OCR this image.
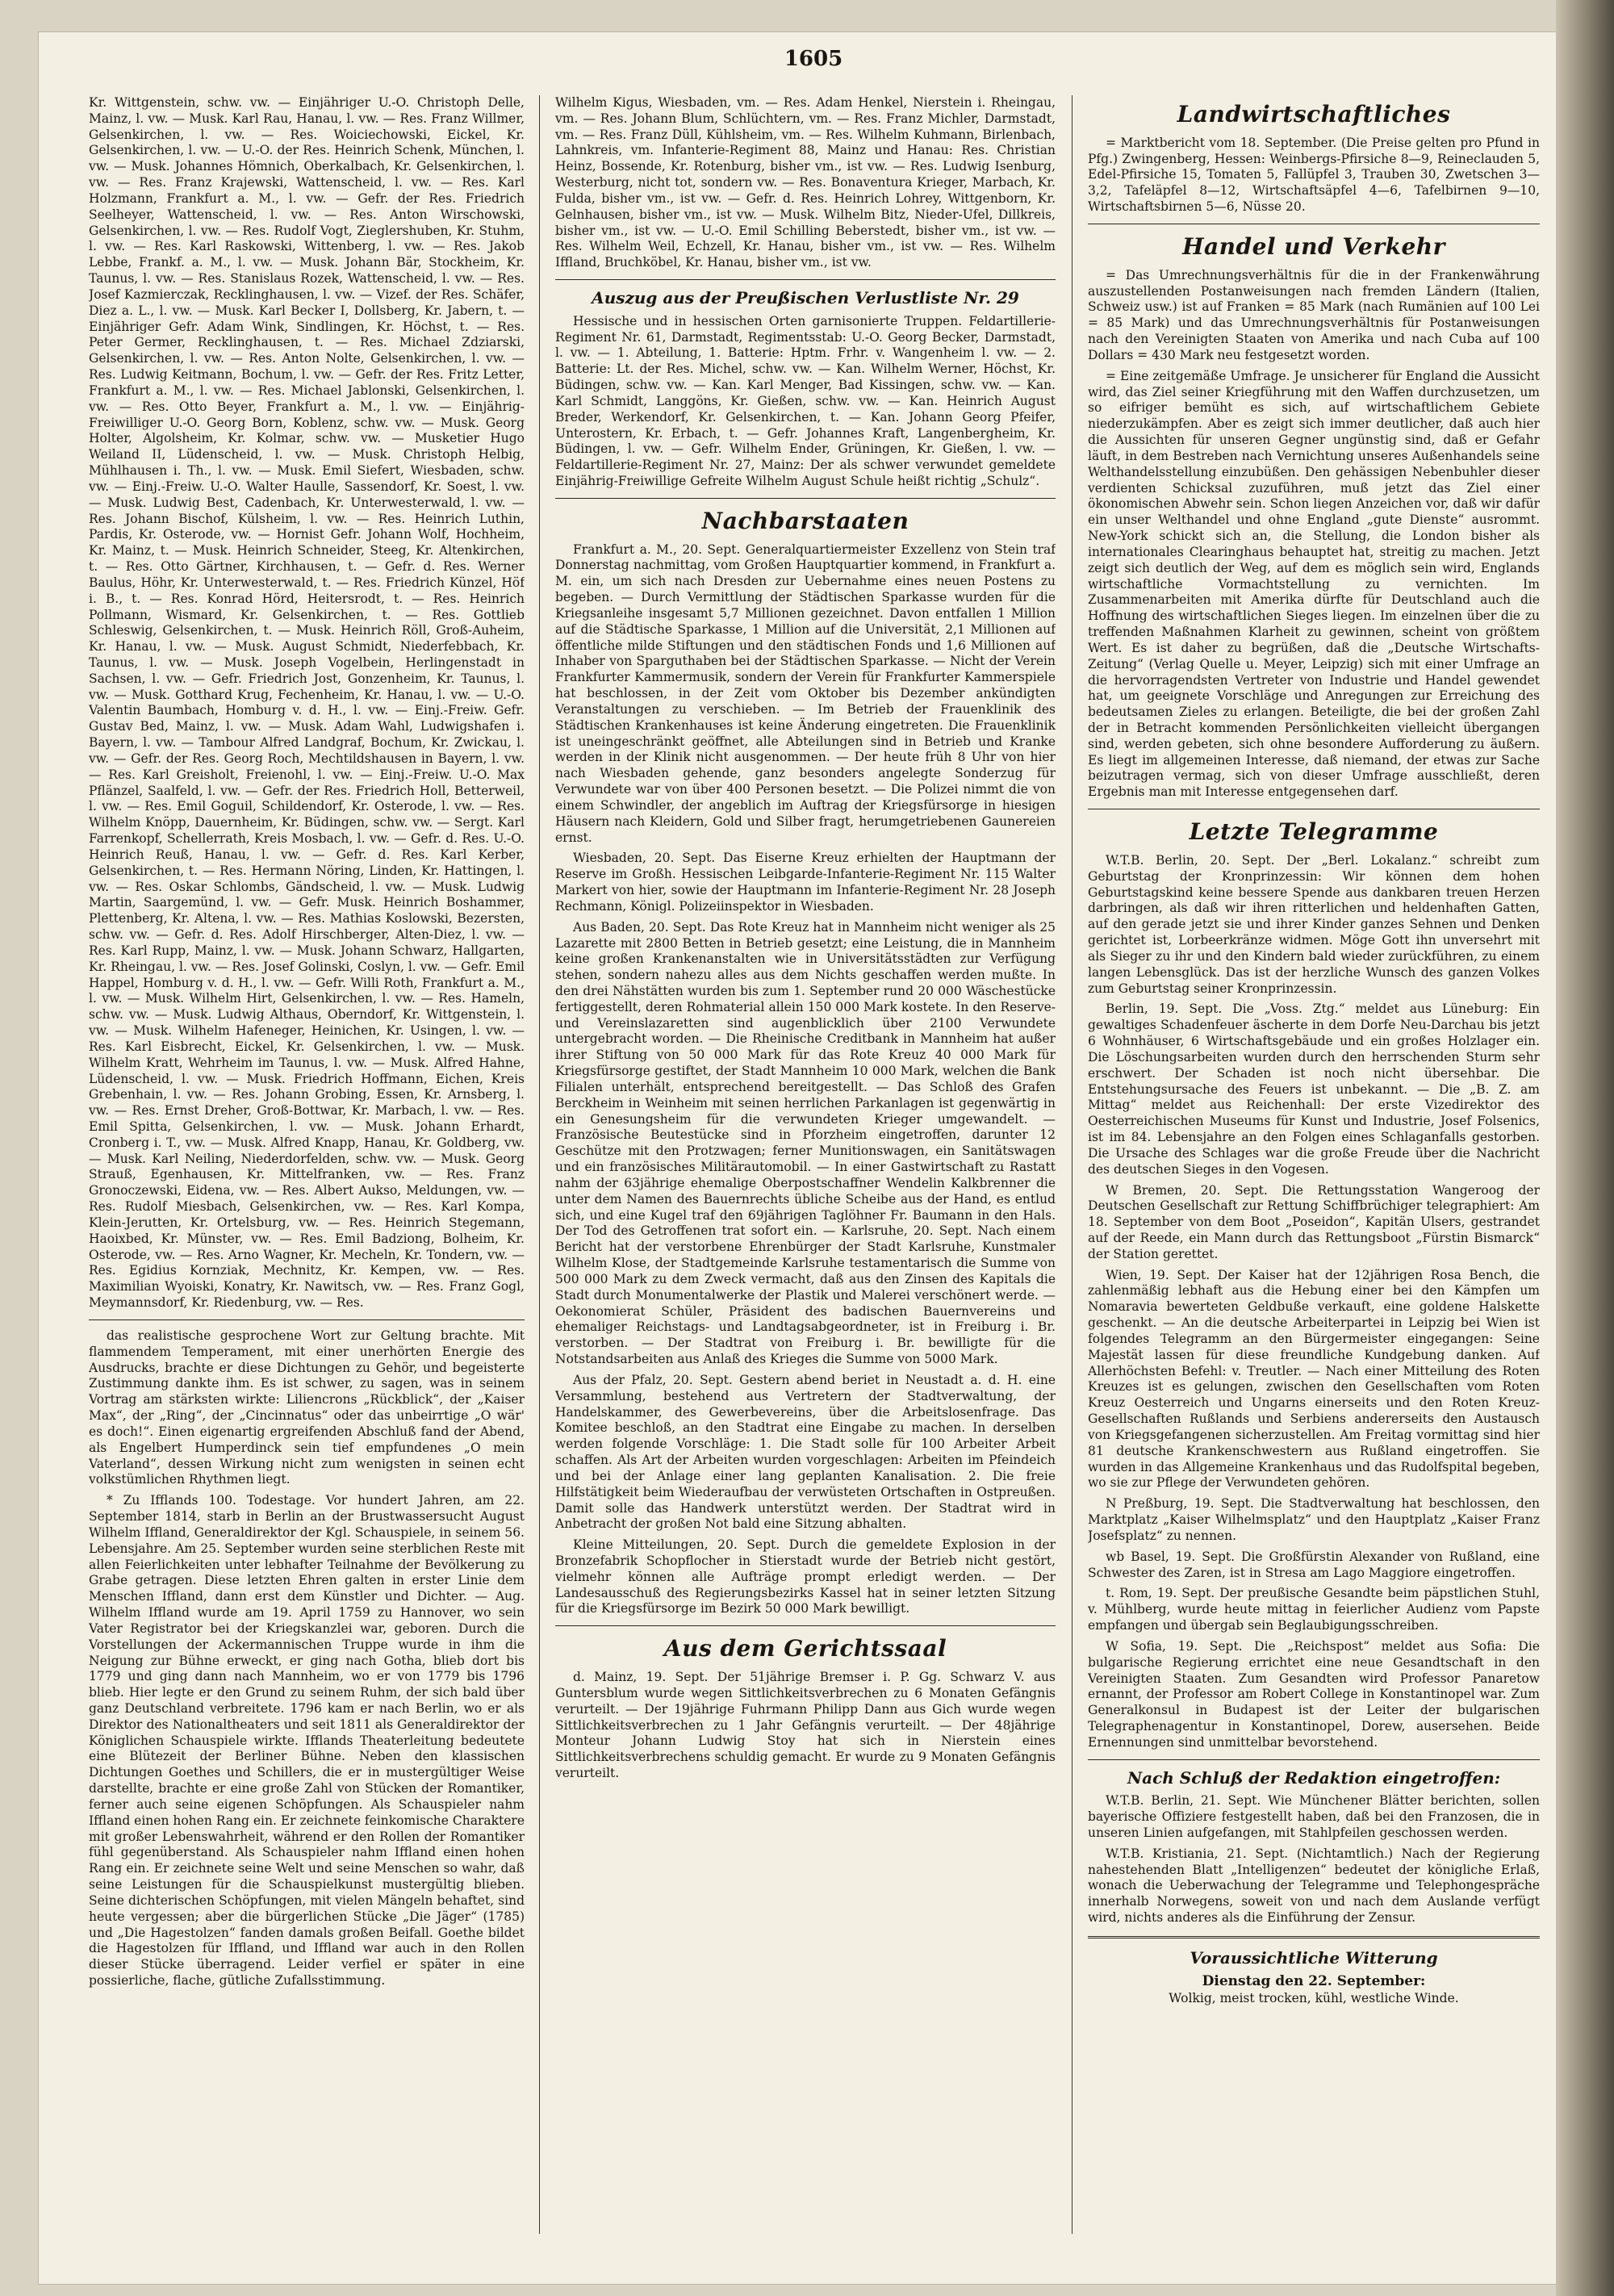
1605

Kr. Wittgenstein, schw. vw. — Einjähriger U.-O. Christoph Delle, Mainz, l. vw. — Musk. Karl Rau, Hanau, l. vw. — Res. Franz Willmer, Gelsenkirchen, l. vw. — Res. Woiciechowski, Eickel, Kr. Gelsenkirchen, l. vw. — U.-O. der Res. Heinrich Schenk, München, l. vw. — Musk. Johannes Hömnich, Oberkalbach, Kr. Gelsenkirchen, l. vw. — Res. Franz Krajewski, Wattenscheid, l. vw. — Res. Karl Holzmann, Frankfurt a. M., l. vw. — Gefr. der Res. Friedrich Seelheyer, Wattenscheid, l. vw. — Res. Anton Wirschowski, Gelsenkirchen, l. vw. — Res. Rudolf Vogt, Zieglershuben, Kr. Stuhm, l. vw. — Res. Karl Raskowski, Wittenberg, l. vw. — Res. Jakob Lebbe, Frankf. a. M., l. vw. — Musk. Johann Bär, Stockheim, Kr. Taunus, l. vw. — Res. Stanislaus Rozek, Wattenscheid, l. vw. — Res. Josef Kazmierczak, Recklinghausen, l. vw. — Vizef. der Res. Schäfer, Diez a. L., l. vw. — Musk. Karl Becker I, Dollsberg, Kr. Jabern, t. — Einjähriger Gefr. Adam Wink, Sindlingen, Kr. Höchst, t. — Res. Peter Germer, Recklinghausen, t. — Res. Michael Zdziarski, Gelsenkirchen, l. vw. — Res. Anton Nolte, Gelsenkirchen, l. vw. — Res. Ludwig Keitmann, Bochum, l. vw. — Gefr. der Res. Fritz Letter, Frankfurt a. M., l. vw. — Res. Michael Jablonski, Gelsenkirchen, l. vw. — Res. Otto Beyer, Frankfurt a. M., l. vw. — Einjährig-Freiwilliger U.-O. Georg Born, Koblenz, schw. vw. — Musk. Georg Holter, Algolsheim, Kr. Kolmar, schw. vw. — Musketier Hugo Weiland II, Lüdenscheid, l. vw. — Musk. Christoph Helbig, Mühlhausen i. Th., l. vw. — Musk. Emil Siefert, Wiesbaden, schw. vw. — Einj.-Freiw. U.-O. Walter Haulle, Sassendorf, Kr. Soest, l. vw. — Musk. Ludwig Best, Cadenbach, Kr. Unterwesterwald, l. vw. — Res. Johann Bischof, Külsheim, l. vw. — Res. Heinrich Luthin, Pardis, Kr. Osterode, vw. — Hornist Gefr. Johann Wolf, Hochheim, Kr. Mainz, t. — Musk. Heinrich Schneider, Steeg, Kr. Altenkirchen, t. — Res. Otto Gärtner, Kirchhausen, t. — Gefr. d. Res. Werner Baulus, Höhr, Kr. Unterwesterwald, t. — Res. Friedrich Künzel, Höf i. B., t. — Res. Konrad Hörd, Heitersrodt, t. — Res. Heinrich Pollmann, Wismard, Kr. Gelsenkirchen, t. — Res. Gottlieb Schleswig, Gelsenkirchen, t. — Musk. Heinrich Röll, Groß-Auheim, Kr. Hanau, l. vw. — Musk. August Schmidt, Niederfebbach, Kr. Taunus, l. vw. — Musk. Joseph Vogelbein, Herlingenstadt in Sachsen, l. vw. — Gefr. Friedrich Jost, Gonzenheim, Kr. Taunus, l. vw. — Musk. Gotthard Krug, Fechenheim, Kr. Hanau, l. vw. — U.-O. Valentin Baumbach, Homburg v. d. H., l. vw. — Einj.-Freiw. Gefr. Gustav Bed, Mainz, l. vw. — Musk. Adam Wahl, Ludwigshafen i. Bayern, l. vw. — Tambour Alfred Landgraf, Bochum, Kr. Zwickau, l. vw. — Gefr. der Res. Georg Roch, Mechtildshausen in Bayern, l. vw. — Res. Karl Greisholt, Freienohl, l. vw. — Einj.-Freiw. U.-O. Max Pflänzel, Saalfeld, l. vw. — Gefr. der Res. Friedrich Holl, Betterweil, l. vw. — Res. Emil Goguil, Schildendorf, Kr. Osterode, l. vw. — Res. Wilhelm Knöpp, Dauernheim, Kr. Büdingen, schw. vw. — Sergt. Karl Farrenkopf, Schellerrath, Kreis Mosbach, l. vw. — Gefr. d. Res. U.-O. Heinrich Reuß, Hanau, l. vw. — Gefr. d. Res. Karl Kerber, Gelsenkirchen, t. — Res. Hermann Nöring, Linden, Kr. Hattingen, l. vw. — Res. Oskar Schlombs, Gändscheid, l. vw. — Musk. Ludwig Martin, Saargemünd, l. vw. — Gefr. Musk. Heinrich Boshammer, Plettenberg, Kr. Altena, l. vw. — Res. Mathias Koslowski, Bezersten, schw. vw. — Gefr. d. Res. Adolf Hirschberger, Alten-Diez, l. vw. — Res. Karl Rupp, Mainz, l. vw. — Musk. Johann Schwarz, Hallgarten, Kr. Rheingau, l. vw. — Res. Josef Golinski, Coslyn, l. vw. — Gefr. Emil Happel, Homburg v. d. H., l. vw. — Gefr. Willi Roth, Frankfurt a. M., l. vw. — Musk. Wilhelm Hirt, Gelsenkirchen, l. vw. — Res. Hameln, schw. vw. — Musk. Ludwig Althaus, Oberndorf, Kr. Wittgenstein, l. vw. — Musk. Wilhelm Hafeneger, Heinichen, Kr. Usingen, l. vw. — Res. Karl Eisbrecht, Eickel, Kr. Gelsenkirchen, l. vw. — Musk. Wilhelm Kratt, Wehrheim im Taunus, l. vw. — Musk. Alfred Hahne, Lüdenscheid, l. vw. — Musk. Friedrich Hoffmann, Eichen, Kreis Grebenhain, l. vw. — Res. Johann Grobing, Essen, Kr. Arnsberg, l. vw. — Res. Ernst Dreher, Groß-Bottwar, Kr. Marbach, l. vw. — Res. Emil Spitta, Gelsenkirchen, l. vw. — Musk. Johann Erhardt, Cronberg i. T., vw. — Musk. Alfred Knapp, Hanau, Kr. Goldberg, vw. — Musk. Karl Neiling, Niederdorfelden, schw. vw. — Musk. Georg Strauß, Egenhausen, Kr. Mittelfranken, vw. — Res. Franz Gronoczewski, Eidena, vw. — Res. Albert Aukso, Meldungen, vw. — Res. Rudolf Miesbach, Gelsenkirchen, vw. — Res. Karl Kompa, Klein-Jerutten, Kr. Ortelsburg, vw. — Res. Heinrich Stegemann, Haoixbed, Kr. Münster, vw. — Res. Emil Badziong, Bolheim, Kr. Osterode, vw. — Res. Arno Wagner, Kr. Mecheln, Kr. Tondern, vw. — Res. Egidius Kornziak, Mechnitz, Kr. Kempen, vw. — Res. Maximilian Wyoiski, Konatry, Kr. Nawitsch, vw. — Res. Franz Gogl, Meymannsdorf, Kr. Riedenburg, vw. — Res.

das realistische gesprochene Wort zur Geltung brachte. Mit flammendem Temperament, mit einer unerhörten Energie des Ausdrucks, brachte er diese Dichtungen zu Gehör, und begeisterte Zustimmung dankte ihm. Es ist schwer, zu sagen, was in seinem Vortrag am stärksten wirkte: Liliencrons „Rückblick“, der „Kaiser Max“, der „Ring“, der „Cincinnatus“ oder das unbeirrtige „O wär' es doch!“. Einen eigenartig ergreifenden Abschluß fand der Abend, als Engelbert Humperdinck sein tief empfundenes „O mein Vaterland“, dessen Wirkung nicht zum wenigsten in seinen echt volkstümlichen Rhythmen liegt.

* Zu Ifflands 100. Todestage. Vor hundert Jahren, am 22. September 1814, starb in Berlin an der Brustwassersucht August Wilhelm Iffland, Generaldirektor der Kgl. Schauspiele, in seinem 56. Lebensjahre. Am 25. September wurden seine sterblichen Reste mit allen Feierlichkeiten unter lebhafter Teilnahme der Bevölkerung zu Grabe getragen. Diese letzten Ehren galten in erster Linie dem Menschen Iffland, dann erst dem Künstler und Dichter. — Aug. Wilhelm Iffland wurde am 19. April 1759 zu Hannover, wo sein Vater Registrator bei der Kriegskanzlei war, geboren. Durch die Vorstellungen der Ackermannischen Truppe wurde in ihm die Neigung zur Bühne erweckt, er ging nach Gotha, blieb dort bis 1779 und ging dann nach Mannheim, wo er von 1779 bis 1796 blieb. Hier legte er den Grund zu seinem Ruhm, der sich bald über ganz Deutschland verbreitete. 1796 kam er nach Berlin, wo er als Direktor des Nationaltheaters und seit 1811 als Generaldirektor der Königlichen Schauspiele wirkte. Ifflands Theaterleitung bedeutete eine Blütezeit der Berliner Bühne. Neben den klassischen Dichtungen Goethes und Schillers, die er in mustergültiger Weise darstellte, brachte er eine große Zahl von Stücken der Romantiker, ferner auch seine eigenen Schöpfungen. Als Schauspieler nahm Iffland einen hohen Rang ein. Er zeichnete feinkomische Charaktere mit großer Lebenswahrheit, während er den Rollen der Romantiker fühl gegenüberstand. Als Schauspieler nahm Iffland einen hohen Rang ein. Er zeichnete seine Welt und seine Menschen so wahr, daß seine Leistungen für die Schauspielkunst mustergültig blieben. Seine dichterischen Schöpfungen, mit vielen Mängeln behaftet, sind heute vergessen; aber die bürgerlichen Stücke „Die Jäger“ (1785) und „Die Hagestolzen“ fanden damals großen Beifall. Goethe bildet die Hagestolzen für Iffland, und Iffland war auch in den Rollen dieser Stücke überragend. Leider verfiel er später in eine possierliche, flache, gütliche Zufallsstimmung.

Wilhelm Kigus, Wiesbaden, vm. — Res. Adam Henkel, Nierstein i. Rheingau, vm. — Res. Johann Blum, Schlüchtern, vm. — Res. Franz Michler, Darmstadt, vm. — Res. Franz Düll, Kühlsheim, vm. — Res. Wilhelm Kuhmann, Birlenbach, Lahnkreis, vm. Infanterie-Regiment 88, Mainz und Hanau: Res. Christian Heinz, Bossende, Kr. Rotenburg, bisher vm., ist vw. — Res. Ludwig Isenburg, Westerburg, nicht tot, sondern vw. — Res. Bonaventura Krieger, Marbach, Kr. Fulda, bisher vm., ist vw. — Gefr. d. Res. Heinrich Lohrey, Wittgenborn, Kr. Gelnhausen, bisher vm., ist vw. — Musk. Wilhelm Bitz, Nieder-Ufel, Dillkreis, bisher vm., ist vw. — U.-O. Emil Schilling Beberstedt, bisher vm., ist vw. — Res. Wilhelm Weil, Echzell, Kr. Hanau, bisher vm., ist vw. — Res. Wilhelm Iffland, Bruchköbel, Kr. Hanau, bisher vm., ist vw.

Auszug aus der Preußischen Verlustliste Nr. 29

Hessische und in hessischen Orten garnisonierte Truppen. Feldartillerie-Regiment Nr. 61, Darmstadt, Regimentsstab: U.-O. Georg Becker, Darmstadt, l. vw. — 1. Abteilung, 1. Batterie: Hptm. Frhr. v. Wangenheim l. vw. — 2. Batterie: Lt. der Res. Michel, schw. vw. — Kan. Wilhelm Werner, Höchst, Kr. Büdingen, schw. vw. — Kan. Karl Menger, Bad Kissingen, schw. vw. — Kan. Karl Schmidt, Langgöns, Kr. Gießen, schw. vw. — Kan. Heinrich August Breder, Werkendorf, Kr. Gelsenkirchen, t. — Kan. Johann Georg Pfeifer, Unterostern, Kr. Erbach, t. — Gefr. Johannes Kraft, Langenbergheim, Kr. Büdingen, l. vw. — Gefr. Wilhelm Ender, Grüningen, Kr. Gießen, l. vw. — Feldartillerie-Regiment Nr. 27, Mainz: Der als schwer verwundet gemeldete Einjährig-Freiwillige Gefreite Wilhelm August Schule heißt richtig „Schulz“.

Nachbarstaaten

Frankfurt a. M., 20. Sept. Generalquartiermeister Exzellenz von Stein traf Donnerstag nachmittag, vom Großen Hauptquartier kommend, in Frankfurt a. M. ein, um sich nach Dresden zur Uebernahme eines neuen Postens zu begeben. — Durch Vermittlung der Städtischen Sparkasse wurden für die Kriegsanleihe insgesamt 5,7 Millionen gezeichnet. Davon entfallen 1 Million auf die Städtische Sparkasse, 1 Million auf die Universität, 2,1 Millionen auf öffentliche milde Stiftungen und den städtischen Fonds und 1,6 Millionen auf Inhaber von Sparguthaben bei der Städtischen Sparkasse. — Nicht der Verein Frankfurter Kammermusik, sondern der Verein für Frankfurter Kammerspiele hat beschlossen, in der Zeit vom Oktober bis Dezember ankündigten Veranstaltungen zu verschieben. — Im Betrieb der Frauenklinik des Städtischen Krankenhauses ist keine Änderung eingetreten. Die Frauenklinik ist uneingeschränkt geöffnet, alle Abteilungen sind in Betrieb und Kranke werden in der Klinik nicht ausgenommen. — Der heute früh 8 Uhr von hier nach Wiesbaden gehende, ganz besonders angelegte Sonderzug für Verwundete war von über 400 Personen besetzt. — Die Polizei nimmt die von einem Schwindler, der angeblich im Auftrag der Kriegsfürsorge in hiesigen Häusern nach Kleidern, Gold und Silber fragt, herumgetriebenen Gaunereien ernst.

Wiesbaden, 20. Sept. Das Eiserne Kreuz erhielten der Hauptmann der Reserve im Großh. Hessischen Leibgarde-Infanterie-Regiment Nr. 115 Walter Markert von hier, sowie der Hauptmann im Infanterie-Regiment Nr. 28 Joseph Rechmann, Königl. Polizeiinspektor in Wiesbaden.

Aus Baden, 20. Sept. Das Rote Kreuz hat in Mannheim nicht weniger als 25 Lazarette mit 2800 Betten in Betrieb gesetzt; eine Leistung, die in Mannheim keine großen Krankenanstalten wie in Universitätsstädten zur Verfügung stehen, sondern nahezu alles aus dem Nichts geschaffen werden mußte. In den drei Nähstätten wurden bis zum 1. September rund 20 000 Wäschestücke fertiggestellt, deren Rohmaterial allein 150 000 Mark kostete. In den Reserve- und Vereinslazaretten sind augenblicklich über 2100 Verwundete untergebracht worden. — Die Rheinische Creditbank in Mannheim hat außer ihrer Stiftung von 50 000 Mark für das Rote Kreuz 40 000 Mark für Kriegsfürsorge gestiftet, der Stadt Mannheim 10 000 Mark, welchen die Bank Filialen unterhält, entsprechend bereitgestellt. — Das Schloß des Grafen Berckheim in Weinheim mit seinen herrlichen Parkanlagen ist gegenwärtig in ein Genesungsheim für die verwundeten Krieger umgewandelt. — Französische Beutestücke sind in Pforzheim eingetroffen, darunter 12 Geschütze mit den Protzwagen; ferner Munitionswagen, ein Sanitätswagen und ein französisches Militärautomobil. — In einer Gastwirtschaft zu Rastatt nahm der 63jährige ehemalige Oberpostschaffner Wendelin Kalkbrenner die unter dem Namen des Bauernrechts übliche Scheibe aus der Hand, es entlud sich, und eine Kugel traf den 69jährigen Taglöhner Fr. Baumann in den Hals. Der Tod des Getroffenen trat sofort ein. — Karlsruhe, 20. Sept. Nach einem Bericht hat der verstorbene Ehrenbürger der Stadt Karlsruhe, Kunstmaler Wilhelm Klose, der Stadtgemeinde Karlsruhe testamentarisch die Summe von 500 000 Mark zu dem Zweck vermacht, daß aus den Zinsen des Kapitals die Stadt durch Monumentalwerke der Plastik und Malerei verschönert werde. — Oekonomierat Schüler, Präsident des badischen Bauernvereins und ehemaliger Reichstags- und Landtagsabgeordneter, ist in Freiburg i. Br. verstorben. — Der Stadtrat von Freiburg i. Br. bewilligte für die Notstandsarbeiten aus Anlaß des Krieges die Summe von 5000 Mark.

Aus der Pfalz, 20. Sept. Gestern abend beriet in Neustadt a. d. H. eine Versammlung, bestehend aus Vertretern der Stadtverwaltung, der Handelskammer, des Gewerbevereins, über die Arbeitslosenfrage. Das Komitee beschloß, an den Stadtrat eine Eingabe zu machen. In derselben werden folgende Vorschläge: 1. Die Stadt solle für 100 Arbeiter Arbeit schaffen. Als Art der Arbeiten wurden vorgeschlagen: Arbeiten im Pfeindeich und bei der Anlage einer lang geplanten Kanalisation. 2. Die freie Hilfstätigkeit beim Wiederaufbau der verwüsteten Ortschaften in Ostpreußen. Damit solle das Handwerk unterstützt werden. Der Stadtrat wird in Anbetracht der großen Not bald eine Sitzung abhalten.

Kleine Mitteilungen, 20. Sept. Durch die gemeldete Explosion in der Bronzefabrik Schopflocher in Stierstadt wurde der Betrieb nicht gestört, vielmehr können alle Aufträge prompt erledigt werden. — Der Landesausschuß des Regierungsbezirks Kassel hat in seiner letzten Sitzung für die Kriegsfürsorge im Bezirk 50 000 Mark bewilligt.

Aus dem Gerichtssaal

d. Mainz, 19. Sept. Der 51jährige Bremser i. P. Gg. Schwarz V. aus Guntersblum wurde wegen Sittlichkeitsverbrechen zu 6 Monaten Gefängnis verurteilt. — Der 19jährige Fuhrmann Philipp Dann aus Gich wurde wegen Sittlichkeitsverbrechen zu 1 Jahr Gefängnis verurteilt. — Der 48jährige Monteur Johann Ludwig Stoy hat sich in Nierstein eines Sittlichkeitsverbrechens schuldig gemacht. Er wurde zu 9 Monaten Gefängnis verurteilt.

Landwirtschaftliches

= Marktbericht vom 18. September. (Die Preise gelten pro Pfund in Pfg.) Zwingenberg, Hessen: Weinbergs-Pfirsiche 8—9, Reineclauden 5, Edel-Pfirsiche 15, Tomaten 5, Fallüpfel 3, Trauben 30, Zwetschen 3—3,2, Tafeläpfel 8—12, Wirtschaftsäpfel 4—6, Tafelbirnen 9—10, Wirtschaftsbirnen 5—6, Nüsse 20.

Handel und Verkehr

= Das Umrechnungsverhältnis für die in der Frankenwährung auszustellenden Postanweisungen nach fremden Ländern (Italien, Schweiz usw.) ist auf Franken = 85 Mark (nach Rumänien auf 100 Lei = 85 Mark) und das Umrechnungsverhältnis für Postanweisungen nach den Vereinigten Staaten von Amerika und nach Cuba auf 100 Dollars = 430 Mark neu festgesetzt worden.

= Eine zeitgemäße Umfrage. Je unsicherer für England die Aussicht wird, das Ziel seiner Kriegführung mit den Waffen durchzusetzen, um so eifriger bemüht es sich, auf wirtschaftlichem Gebiete niederzukämpfen. Aber es zeigt sich immer deutlicher, daß auch hier die Aussichten für unseren Gegner ungünstig sind, daß er Gefahr läuft, in dem Bestreben nach Vernichtung unseres Außenhandels seine Welthandelsstellung einzubüßen. Den gehässigen Nebenbuhler dieser verdienten Schicksal zuzuführen, muß jetzt das Ziel einer ökonomischen Abwehr sein. Schon liegen Anzeichen vor, daß wir dafür ein unser Welthandel und ohne England „gute Dienste“ ausrommt. New-York schickt sich an, die Stellung, die London bisher als internationales Clearinghaus behauptet hat, streitig zu machen. Jetzt zeigt sich deutlich der Weg, auf dem es möglich sein wird, Englands wirtschaftliche Vormachtstellung zu vernichten. Im Zusammenarbeiten mit Amerika dürfte für Deutschland auch die Hoffnung des wirtschaftlichen Sieges liegen. Im einzelnen über die zu treffenden Maßnahmen Klarheit zu gewinnen, scheint von größtem Wert. Es ist daher zu begrüßen, daß die „Deutsche Wirtschafts-Zeitung“ (Verlag Quelle u. Meyer, Leipzig) sich mit einer Umfrage an die hervorragendsten Vertreter von Industrie und Handel gewendet hat, um geeignete Vorschläge und Anregungen zur Erreichung des bedeutsamen Zieles zu erlangen. Beteiligte, die bei der großen Zahl der in Betracht kommenden Persönlichkeiten vielleicht übergangen sind, werden gebeten, sich ohne besondere Aufforderung zu äußern. Es liegt im allgemeinen Interesse, daß niemand, der etwas zur Sache beizutragen vermag, sich von dieser Umfrage ausschließt, deren Ergebnis man mit Interesse entgegensehen darf.

Letzte Telegramme

W.T.B. Berlin, 20. Sept. Der „Berl. Lokalanz.“ schreibt zum Geburtstag der Kronprinzessin: Wir können dem hohen Geburtstagskind keine bessere Spende aus dankbaren treuen Herzen darbringen, als daß wir ihren ritterlichen und heldenhaften Gatten, auf den gerade jetzt sie und ihrer Kinder ganzes Sehnen und Denken gerichtet ist, Lorbeerkränze widmen. Möge Gott ihn unversehrt mit als Sieger zu ihr und den Kindern bald wieder zurückführen, zu einem langen Lebensglück. Das ist der herzliche Wunsch des ganzen Volkes zum Geburtstag seiner Kronprinzessin.

Berlin, 19. Sept. Die „Voss. Ztg.“ meldet aus Lüneburg: Ein gewaltiges Schadenfeuer äscherte in dem Dorfe Neu-Darchau bis jetzt 6 Wohnhäuser, 6 Wirtschaftsgebäude und ein großes Holzlager ein. Die Löschungsarbeiten wurden durch den herrschenden Sturm sehr erschwert. Der Schaden ist noch nicht übersehbar. Die Entstehungsursache des Feuers ist unbekannt. — Die „B. Z. am Mittag“ meldet aus Reichenhall: Der erste Vizedirektor des Oesterreichischen Museums für Kunst und Industrie, Josef Folsenics, ist im 84. Lebensjahre an den Folgen eines Schlaganfalls gestorben. Die Ursache des Schlages war die große Freude über die Nachricht des deutschen Sieges in den Vogesen.

W Bremen, 20. Sept. Die Rettungsstation Wangeroog der Deutschen Gesellschaft zur Rettung Schiffbrüchiger telegraphiert: Am 18. September von dem Boot „Poseidon“, Kapitän Ulsers, gestrandet auf der Reede, ein Mann durch das Rettungsboot „Fürstin Bismarck“ der Station gerettet.

Wien, 19. Sept. Der Kaiser hat der 12jährigen Rosa Bench, die zahlenmäßig lebhaft aus die Hebung einer bei den Kämpfen um Nomaravia bewerteten Geldbuße verkauft, eine goldene Halskette geschenkt. — An die deutsche Arbeiterpartei in Leipzig bei Wien ist folgendes Telegramm an den Bürgermeister eingegangen: Seine Majestät lassen für diese freundliche Kundgebung danken. Auf Allerhöchsten Befehl: v. Treutler. — Nach einer Mitteilung des Roten Kreuzes ist es gelungen, zwischen den Gesellschaften vom Roten Kreuz Oesterreich und Ungarns einerseits und den Roten Kreuz-Gesellschaften Rußlands und Serbiens andererseits den Austausch von Kriegsgefangenen sicherzustellen. Am Freitag vormittag sind hier 81 deutsche Krankenschwestern aus Rußland eingetroffen. Sie wurden in das Allgemeine Krankenhaus und das Rudolfspital begeben, wo sie zur Pflege der Verwundeten gehören.

N Preßburg, 19. Sept. Die Stadtverwaltung hat beschlossen, den Marktplatz „Kaiser Wilhelmsplatz“ und den Hauptplatz „Kaiser Franz Josefsplatz“ zu nennen.

wb Basel, 19. Sept. Die Großfürstin Alexander von Rußland, eine Schwester des Zaren, ist in Stresa am Lago Maggiore eingetroffen.

t. Rom, 19. Sept. Der preußische Gesandte beim päpstlichen Stuhl, v. Mühlberg, wurde heute mittag in feierlicher Audienz vom Papste empfangen und übergab sein Beglaubigungsschreiben.

W Sofia, 19. Sept. Die „Reichspost“ meldet aus Sofia: Die bulgarische Regierung errichtet eine neue Gesandtschaft in den Vereinigten Staaten. Zum Gesandten wird Professor Panaretow ernannt, der Professor am Robert College in Konstantinopel war. Zum Generalkonsul in Budapest ist der Leiter der bulgarischen Telegraphenagentur in Konstantinopel, Dorew, ausersehen. Beide Ernennungen sind unmittelbar bevorstehend.

Nach Schluß der Redaktion eingetroffen:

W.T.B. Berlin, 21. Sept. Wie Münchener Blätter berichten, sollen bayerische Offiziere festgestellt haben, daß bei den Franzosen, die in unseren Linien aufgefangen, mit Stahlpfeilen geschossen werden.

W.T.B. Kristiania, 21. Sept. (Nichtamtlich.) Nach der Regierung nahestehenden Blatt „Intelligenzen“ bedeutet der königliche Erlaß, wonach die Ueberwachung der Telegramme und Telephongespräche innerhalb Norwegens, soweit von und nach dem Auslande verfügt wird, nichts anderes als die Einführung der Zensur.

Voraussichtliche Witterung
Dienstag den 22. September:
Wolkig, meist trocken, kühl, westliche Winde.
